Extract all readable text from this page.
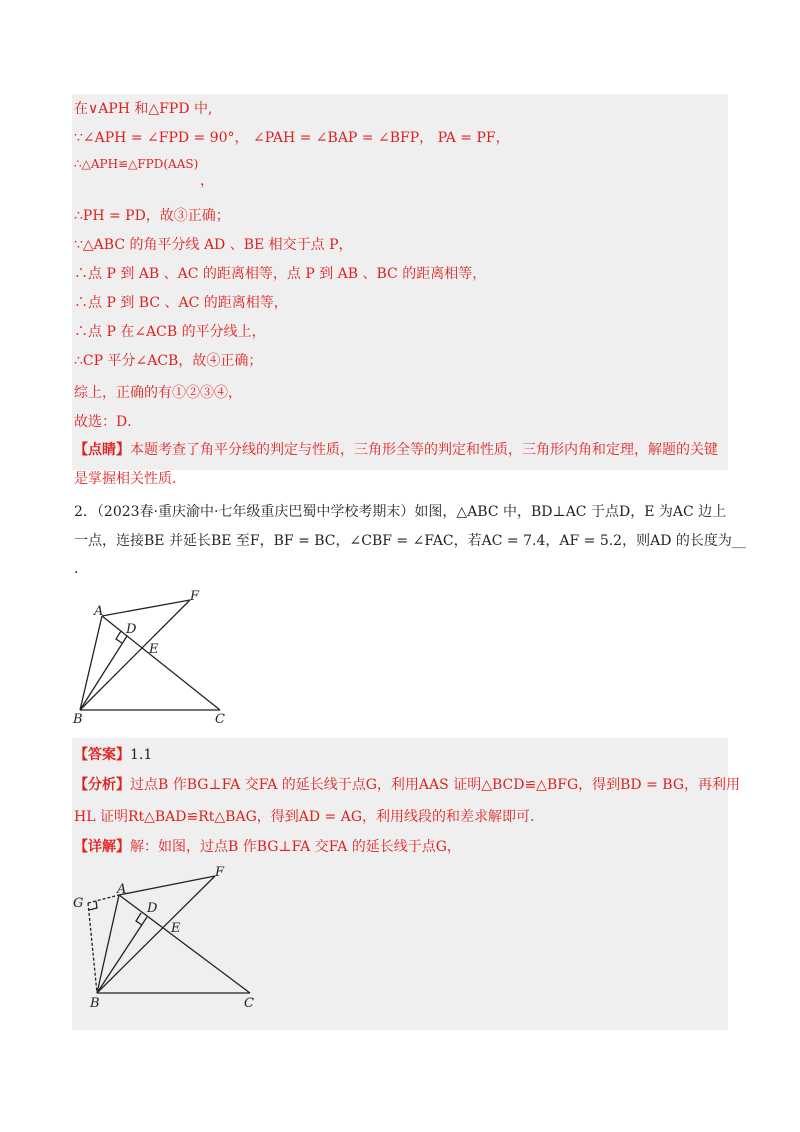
在∨APH 和△FPD 中,
∵∠APH = ∠FPD = 90°， ∠PAH = ∠BAP = ∠BFP， PA = PF，
∴△APH≌△FPD(AAS)
，
∴PH = PD，故③正确；
∵△ABC 的角平分线 AD 、BE 相交于点 P，
∴点 P 到 AB 、AC 的距离相等，点 P 到 AB 、BC 的距离相等，
∴点 P 到 BC 、AC 的距离相等，
∴点 P 在∠ACB 的平分线上，
∴CP 平分∠ACB，故④正确；
综上，正确的有①②③④，
故选：D．
【点睛】本题考查了角平分线的判定与性质，三角形全等的判定和性质，三角形内角和定理，解题的关键
是掌握相关性质．
2．（2023春·重庆渝中·七年级重庆巴蜀中学校考期末）如图，△ABC 中，BD⊥AC 于点D，E 为AC 边上
一点，连接BE 并延长BE 至F，BF = BC，∠CBF = ∠FAC，若AC = 7.4，AF = 5.2，则AD 的长度为__
.
A
F
D
E
B	C
【答案】1.1
【分析】过点B 作BG⊥FA 交FA 的延长线于点G，利用AAS 证明△BCD≌△BFG，得到BD = BG，再利用
HL 证明Rt△BAD≌Rt△BAG，得到AD = AG，利用线段的和差求解即可.
【详解】解：如图，过点B 作BG⊥FA 交FA 的延长线于点G，
G
A
F
D
E
B	C
